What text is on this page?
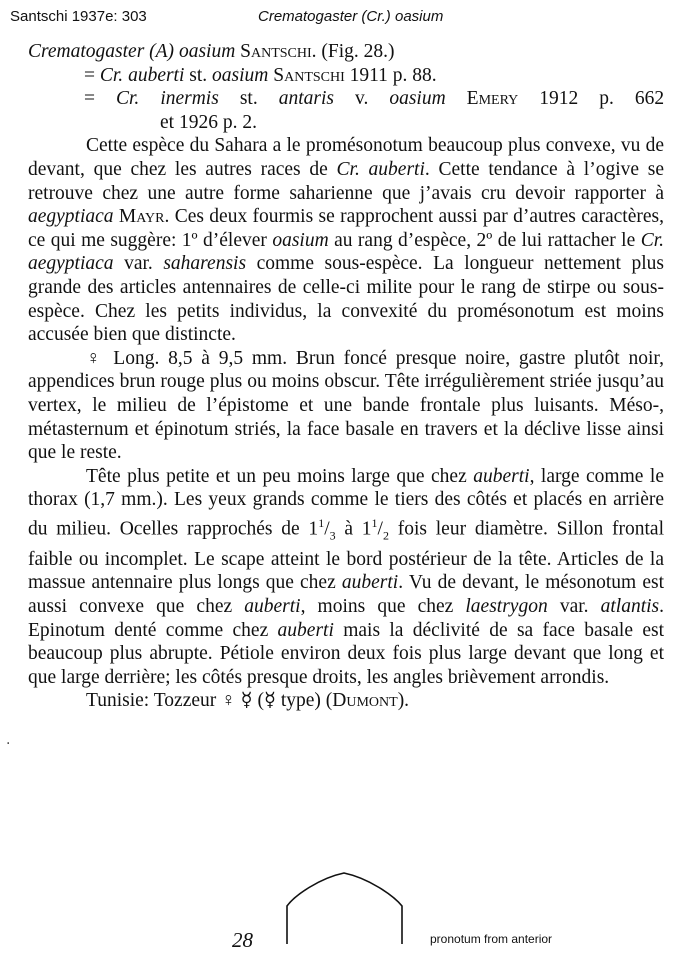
Santschi 1937e: 303	Crematogaster (Cr.) oasium
·

Crematogaster (A) oasium Santschi. (Fig. 28.)

= Cr. auberti st. oasium Santschi 1911 p. 88.

= Cr. inermis st. antaris v. oasium Emery 1912 p. 662

et 1926 p. 2.

Cette espèce du Sahara a le promésonotum beaucoup plus convexe, vu de devant, que chez les autres races de Cr. auberti. Cette tendance à l’ogive se retrouve chez une autre forme saharienne que j’avais cru devoir rapporter à aegyptiaca Mayr. Ces deux fourmis se rapprochent aussi par d’autres caractères, ce qui me suggère: 1º d’élever oasium au rang d’espèce, 2º de lui rattacher le Cr. aegyptiaca var. saharensis comme sous-espèce. La longueur nettement plus grande des articles antennaires de celle-ci milite pour le rang de stirpe ou sous-espèce. Chez les petits individus, la convexité du promésonotum est moins accusée bien que distincte.

♀ Long. 8,5 à 9,5 mm. Brun foncé presque noire, gastre plutôt noir, appendices brun rouge plus ou moins obscur. Tête irrégulièrement striée jusqu’au vertex, le milieu de l’épistome et une bande frontale plus luisants. Méso-, métasternum et épinotum striés, la face basale en travers et la déclive lisse ainsi que le reste.

Tête plus petite et un peu moins large que chez auberti, large comme le thorax (1,7 mm.). Les yeux grands comme le tiers des côtés et placés en arrière du milieu. Ocelles rapprochés de $1^1/_3$ à $1^1/_2$ fois leur diamètre. Sillon frontal faible ou incomplet. Le scape atteint le bord postérieur de la tête. Articles de la massue antennaire plus longs que chez auberti. Vu de devant, le mésonotum est aussi convexe que chez auberti, moins que chez laestrygon var. atlantis. Epinotum denté comme chez auberti mais la déclivité de sa face basale est beaucoup plus abrupte. Pétiole environ deux fois plus large devant que long et que large derrière; les côtés presque droits, les angles brièvement arrondis.

Tunisie: Tozzeur ♀ ☿ (☿ type) (Dumont).

28	pronotum from anterior
